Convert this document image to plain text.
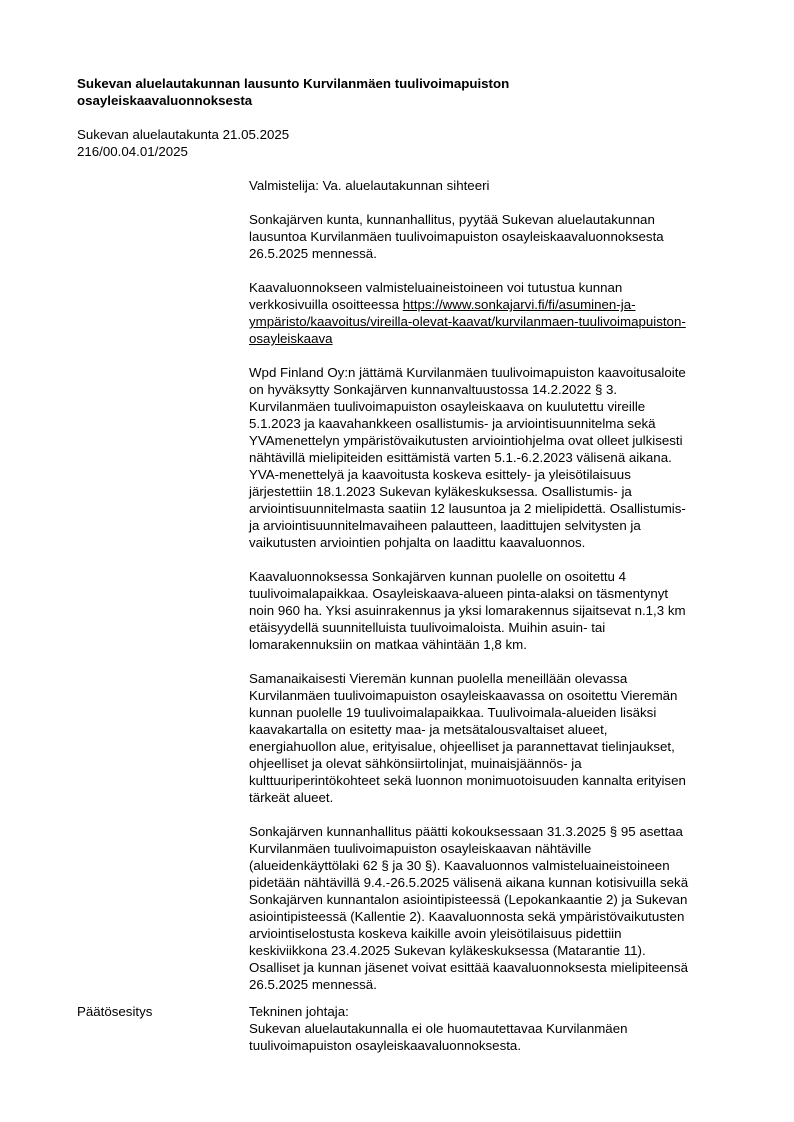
Sukevan aluelautakunnan lausunto Kurvilanmäen tuulivoimapuiston
osayleiskaavaluonnoksesta
Sukevan aluelautakunta 21.05.2025
216/00.04.01/2025

Valmistelija: Va. aluelautakunnan sihteeri

Sonkajärven kunta, kunnanhallitus, pyytää Sukevan aluelautakunnan
lausuntoa Kurvilanmäen tuulivoimapuiston osayleiskaavaluonnoksesta
26.5.2025 mennessä.

Kaavaluonnokseen valmisteluaineistoineen voi tutustua kunnan
verkkosivuilla osoitteessa https://www.sonkajarvi.fi/fi/asuminen-ja-
ympäristo/kaavoitus/vireilla-olevat-kaavat/kurvilanmaen-tuulivoimapuiston-
osayleiskaava

Wpd Finland Oy:n jättämä Kurvilanmäen tuulivoimapuiston kaavoitusaloite
on hyväksytty Sonkajärven kunnanvaltuustossa 14.2.2022 § 3.
Kurvilanmäen tuulivoimapuiston osayleiskaava on kuulutettu vireille
5.1.2023 ja kaavahankkeen osallistumis- ja arviointisuunnitelma sekä
YVAmenettelyn ympäristövaikutusten arviointiohjelma ovat olleet julkisesti
nähtävillä mielipiteiden esittämistä varten 5.1.-6.2.2023 välisenä aikana.
YVA-menettelyä ja kaavoitusta koskeva esittely- ja yleisötilaisuus
järjestettiin 18.1.2023 Sukevan kyläkeskuksessa. Osallistumis- ja
arviointisuunnitelmasta saatiin 12 lausuntoa ja 2 mielipidettä. Osallistumis-
ja arviointisuunnitelmavaiheen palautteen, laadittujen selvitysten ja
vaikutusten arviointien pohjalta on laadittu kaavaluonnos.

Kaavaluonnoksessa Sonkajärven kunnan puolelle on osoitettu 4
tuulivoimalapaikkaa. Osayleiskaava-alueen pinta-alaksi on täsmentynyt
noin 960 ha. Yksi asuinrakennus ja yksi lomarakennus sijaitsevat n.1,3 km
etäisyydellä suunnitelluista tuulivoimaloista. Muihin asuin- tai
lomarakennuksiin on matkaa vähintään 1,8 km.

Samanaikaisesti Vieremän kunnan puolella meneillään olevassa
Kurvilanmäen tuulivoimapuiston osayleiskaavassa on osoitettu Vieremän
kunnan puolelle 19 tuulivoimalapaikkaa. Tuulivoimala-alueiden lisäksi
kaavakartalla on esitetty maa- ja metsätalousvaltaiset alueet,
energiahuollon alue, erityisalue, ohjeelliset ja parannettavat tielinjaukset,
ohjeelliset ja olevat sähkönsiirtolinjat, muinaisjäännös- ja
kulttuuriperintökohteet sekä luonnon monimuotoisuuden kannalta erityisen
tärkeät alueet.

Sonkajärven kunnanhallitus päätti kokouksessaan 31.3.2025 § 95 asettaa
Kurvilanmäen tuulivoimapuiston osayleiskaavan nähtäville
(alueidenkäyttölaki 62 § ja 30 §). Kaavaluonnos valmisteluaineistoineen
pidetään nähtävillä 9.4.-26.5.2025 välisenä aikana kunnan kotisivuilla sekä
Sonkajärven kunnantalon asiointipisteessä (Lepokankaantie 2) ja Sukevan
asiointipisteessä (Kallentie 2). Kaavaluonnosta sekä ympäristövaikutusten
arviointiselostusta koskeva kaikille avoin yleisötilaisuus pidettiin
keskiviikkona 23.4.2025 Sukevan kyläkeskuksessa (Matarantie 11).
Osalliset ja kunnan jäsenet voivat esittää kaavaluonnoksesta mielipiteensä
26.5.2025 mennessä.

Päätösesitys	Tekninen johtaja:
Sukevan aluelautakunnalla ei ole huomautettavaa Kurvilanmäen
tuulivoimapuiston osayleiskaavaluonnoksesta.
